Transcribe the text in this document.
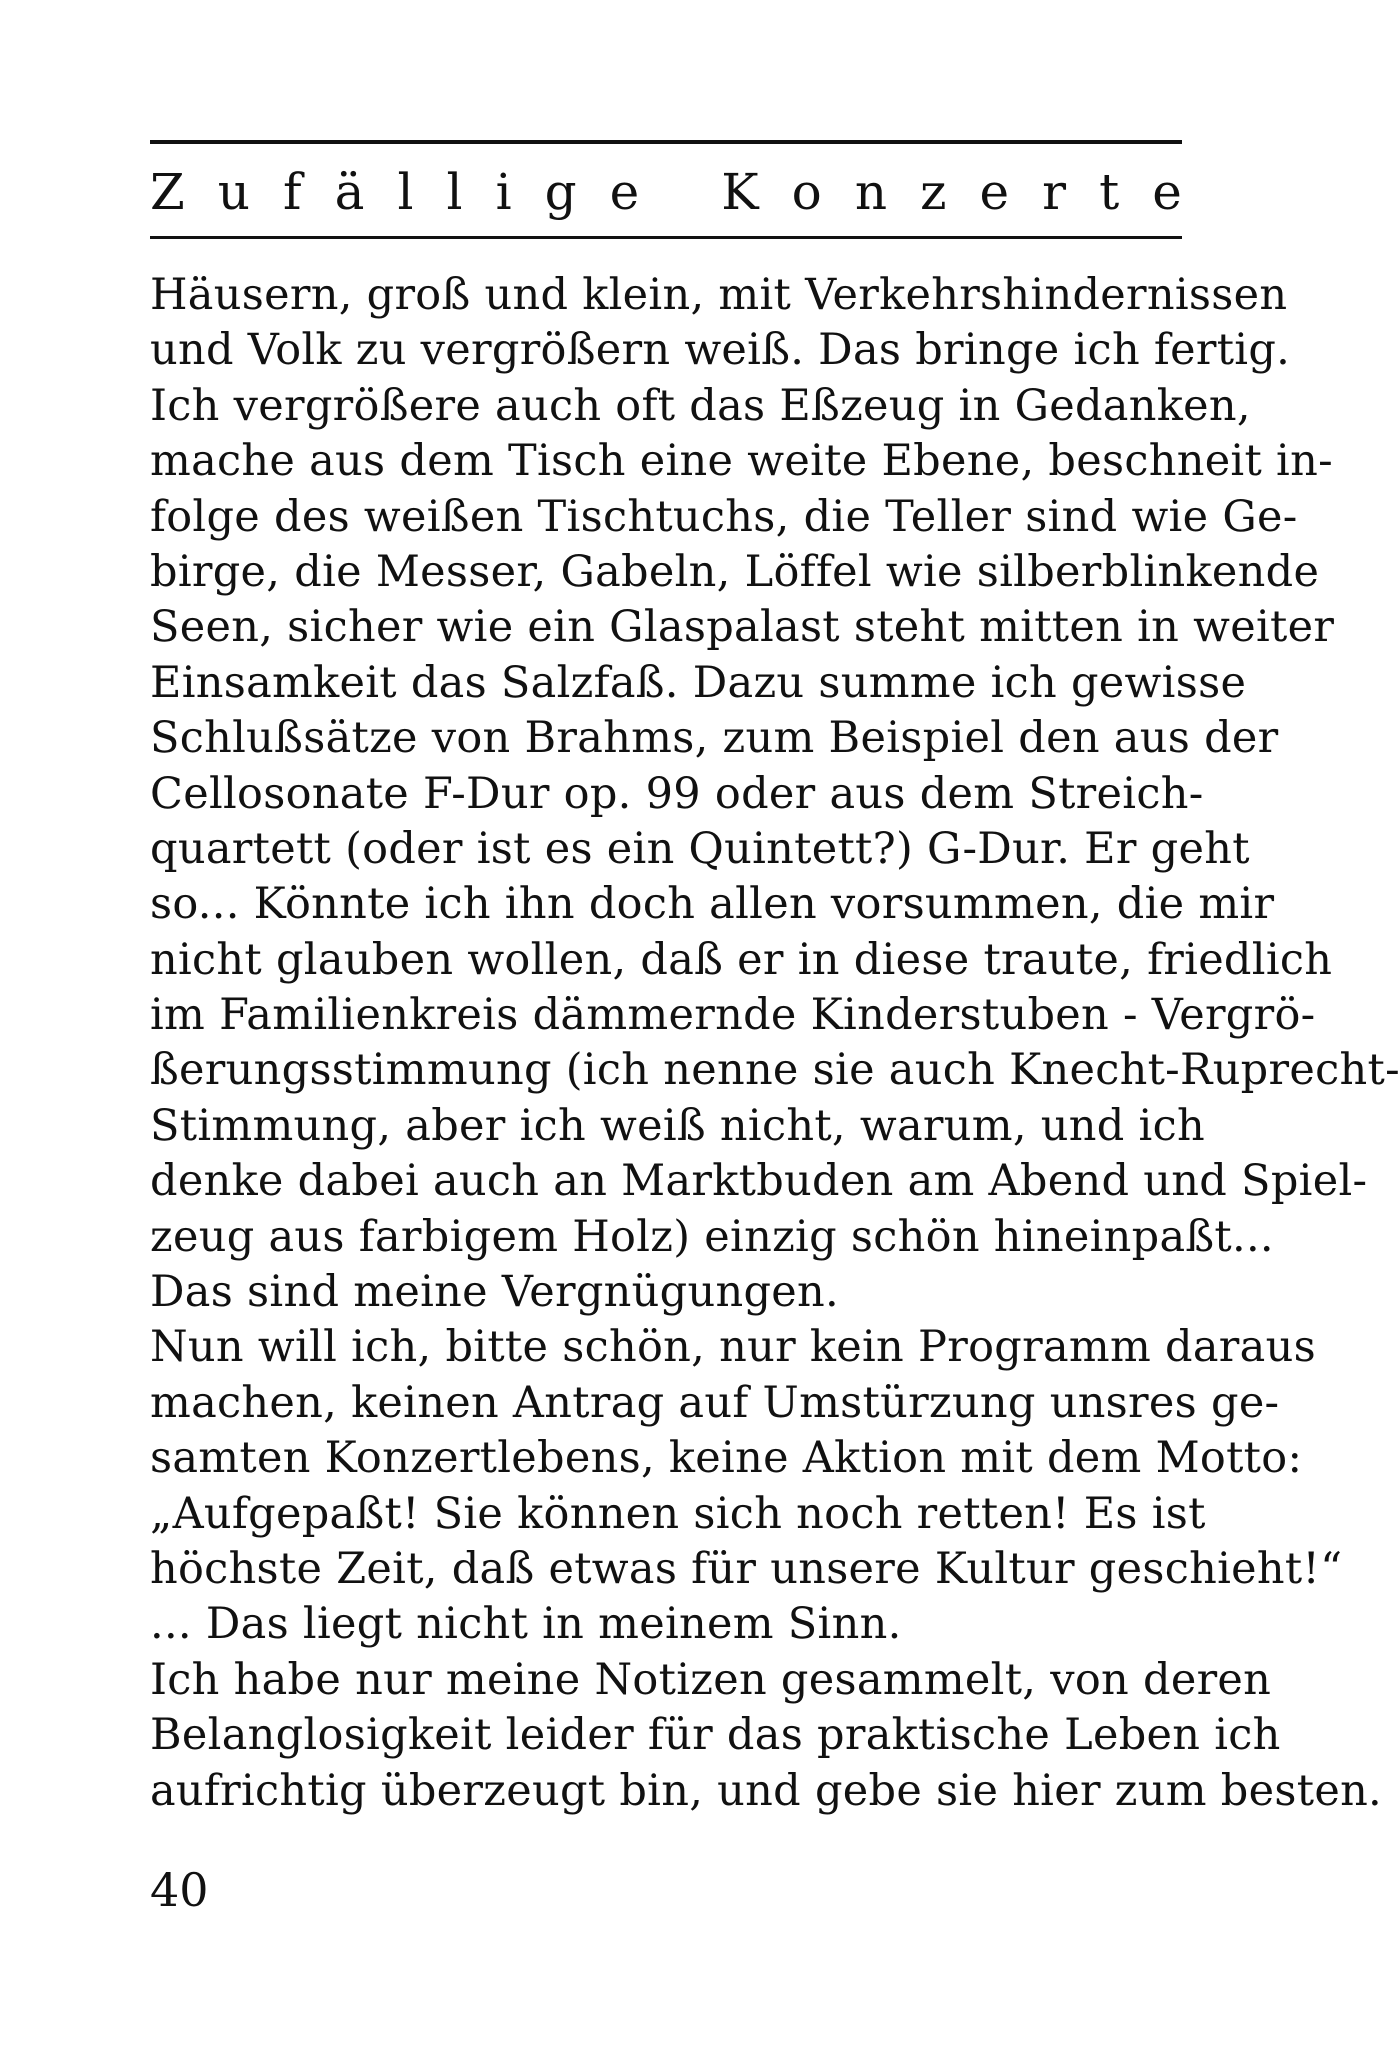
Z u f ä l l i g e
K o n z e r t e
Häusern, groß und klein, mit Verkehrshindernissen
und Volk zu vergrößern weiß. Das bringe ich fertig.
Ich vergrößere auch oft das Eßzeug in Gedanken,
mache aus dem Tisch eine weite Ebene, beschneit in-
folge des weißen Tischtuchs, die Teller sind wie Ge-
birge, die Messer, Gabeln, Löffel wie silberblinkende
Seen, sicher wie ein Glaspalast steht mitten in weiter
Einsamkeit das Salzfaß. Dazu summe ich gewisse
Schlußsätze von Brahms, zum Beispiel den aus der
Cellosonate F-Dur op. 99 oder aus dem Streich-
quartett (oder ist es ein Quintett?) G-Dur. Er geht
so... Könnte ich ihn doch allen vorsummen, die mir
nicht glauben wollen, daß er in diese traute, friedlich
im Familienkreis dämmernde Kinderstuben - Vergrö-
ßerungsstimmung (ich nenne sie auch Knecht-Ruprecht-
Stimmung, aber ich weiß nicht, warum, und ich
denke dabei auch an Marktbuden am Abend und Spiel-
zeug aus farbigem Holz) einzig schön hineinpaßt...
Das sind meine Vergnügungen.
Nun will ich, bitte schön, nur kein Programm daraus
machen, keinen Antrag auf Umstürzung unsres ge-
samten Konzertlebens, keine Aktion mit dem Motto:
„Aufgepaßt! Sie können sich noch retten! Es ist
höchste Zeit, daß etwas für unsere Kultur geschieht!“
... Das liegt nicht in meinem Sinn.
Ich habe nur meine Notizen gesammelt, von deren
Belanglosigkeit leider für das praktische Leben ich
aufrichtig überzeugt bin, und gebe sie hier zum besten.
40
